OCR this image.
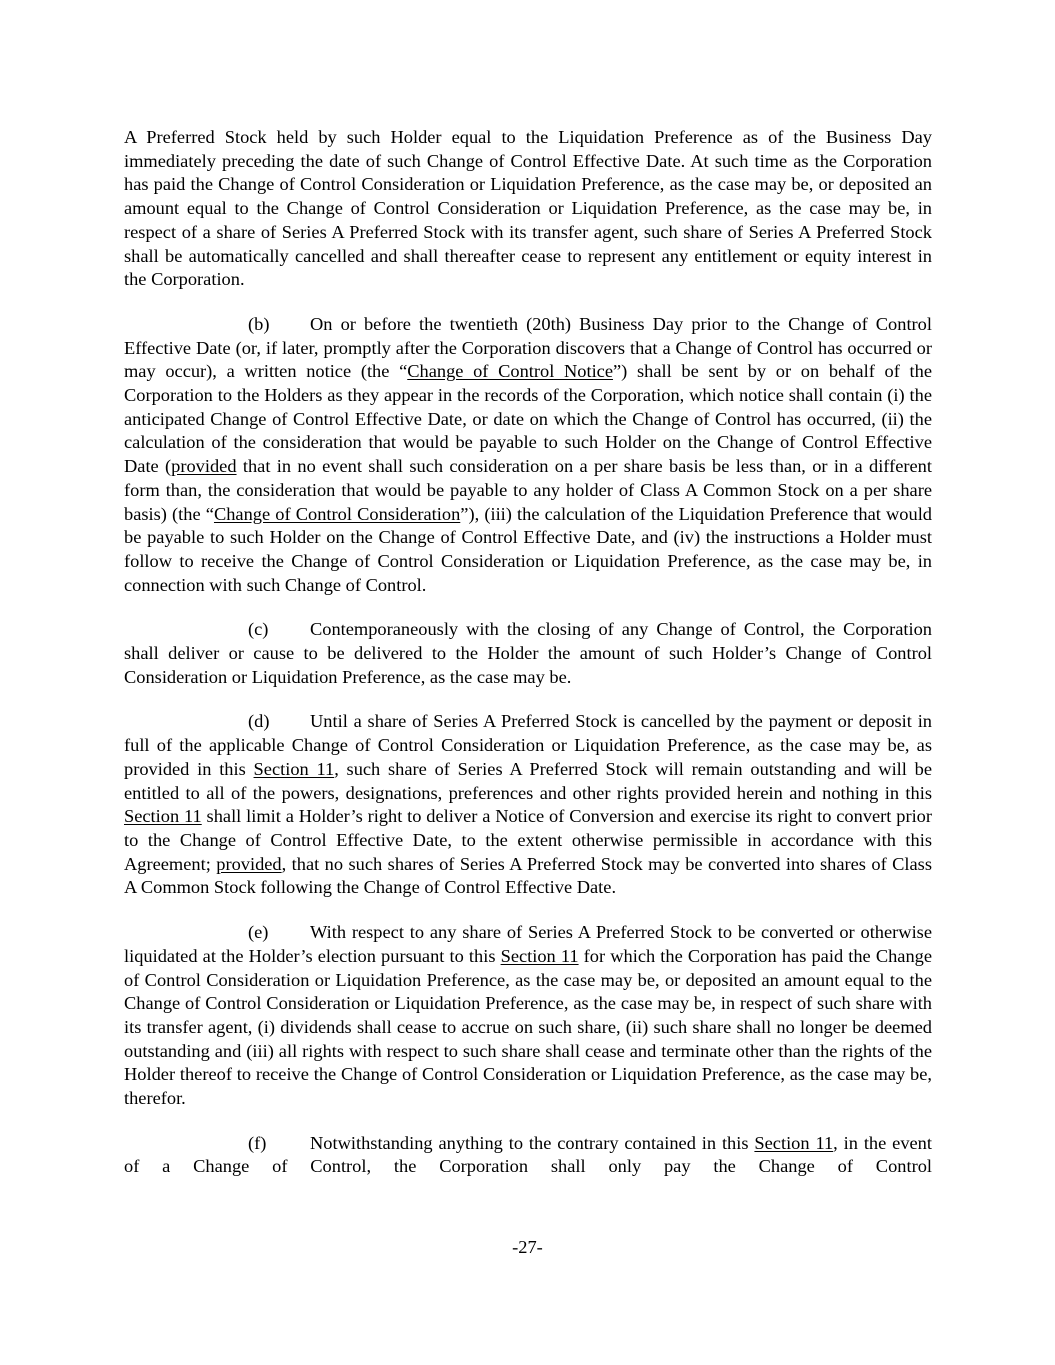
A Preferred Stock held by such Holder equal to the Liquidation Preference as of the Business Day immediately preceding the date of such Change of Control Effective Date. At such time as the Corporation has paid the Change of Control Consideration or Liquidation Preference, as the case may be, or deposited an amount equal to the Change of Control Consideration or Liquidation Preference, as the case may be, in respect of a share of Series A Preferred Stock with its transfer agent, such share of Series A Preferred Stock shall be automatically cancelled and shall thereafter cease to represent any entitlement or equity interest in the Corporation.

(b) On or before the twentieth (20th) Business Day prior to the Change of Control Effective Date (or, if later, promptly after the Corporation discovers that a Change of Control has occurred or may occur), a written notice (the “Change of Control Notice”) shall be sent by or on behalf of the Corporation to the Holders as they appear in the records of the Corporation, which notice shall contain (i) the anticipated Change of Control Effective Date, or date on which the Change of Control has occurred, (ii) the calculation of the consideration that would be payable to such Holder on the Change of Control Effective Date (provided that in no event shall such consideration on a per share basis be less than, or in a different form than, the consideration that would be payable to any holder of Class A Common Stock on a per share basis) (the “Change of Control Consideration”), (iii) the calculation of the Liquidation Preference that would be payable to such Holder on the Change of Control Effective Date, and (iv) the instructions a Holder must follow to receive the Change of Control Consideration or Liquidation Preference, as the case may be, in connection with such Change of Control.

(c) Contemporaneously with the closing of any Change of Control, the Corporation shall deliver or cause to be delivered to the Holder the amount of such Holder’s Change of Control Consideration or Liquidation Preference, as the case may be.

(d) Until a share of Series A Preferred Stock is cancelled by the payment or deposit in full of the applicable Change of Control Consideration or Liquidation Preference, as the case may be, as provided in this Section 11, such share of Series A Preferred Stock will remain outstanding and will be entitled to all of the powers, designations, preferences and other rights provided herein and nothing in this Section 11 shall limit a Holder’s right to deliver a Notice of Conversion and exercise its right to convert prior to the Change of Control Effective Date, to the extent otherwise permissible in accordance with this Agreement; provided, that no such shares of Series A Preferred Stock may be converted into shares of Class A Common Stock following the Change of Control Effective Date.

(e) With respect to any share of Series A Preferred Stock to be converted or otherwise liquidated at the Holder’s election pursuant to this Section 11 for which the Corporation has paid the Change of Control Consideration or Liquidation Preference, as the case may be, or deposited an amount equal to the Change of Control Consideration or Liquidation Preference, as the case may be, in respect of such share with its transfer agent, (i) dividends shall cease to accrue on such share, (ii) such share shall no longer be deemed outstanding and (iii) all rights with respect to such share shall cease and terminate other than the rights of the Holder thereof to receive the Change of Control Consideration or Liquidation Preference, as the case may be, therefor.

(f) Notwithstanding anything to the contrary contained in this Section 11, in the event of a Change of Control, the Corporation shall only pay the Change of Control

-27-
